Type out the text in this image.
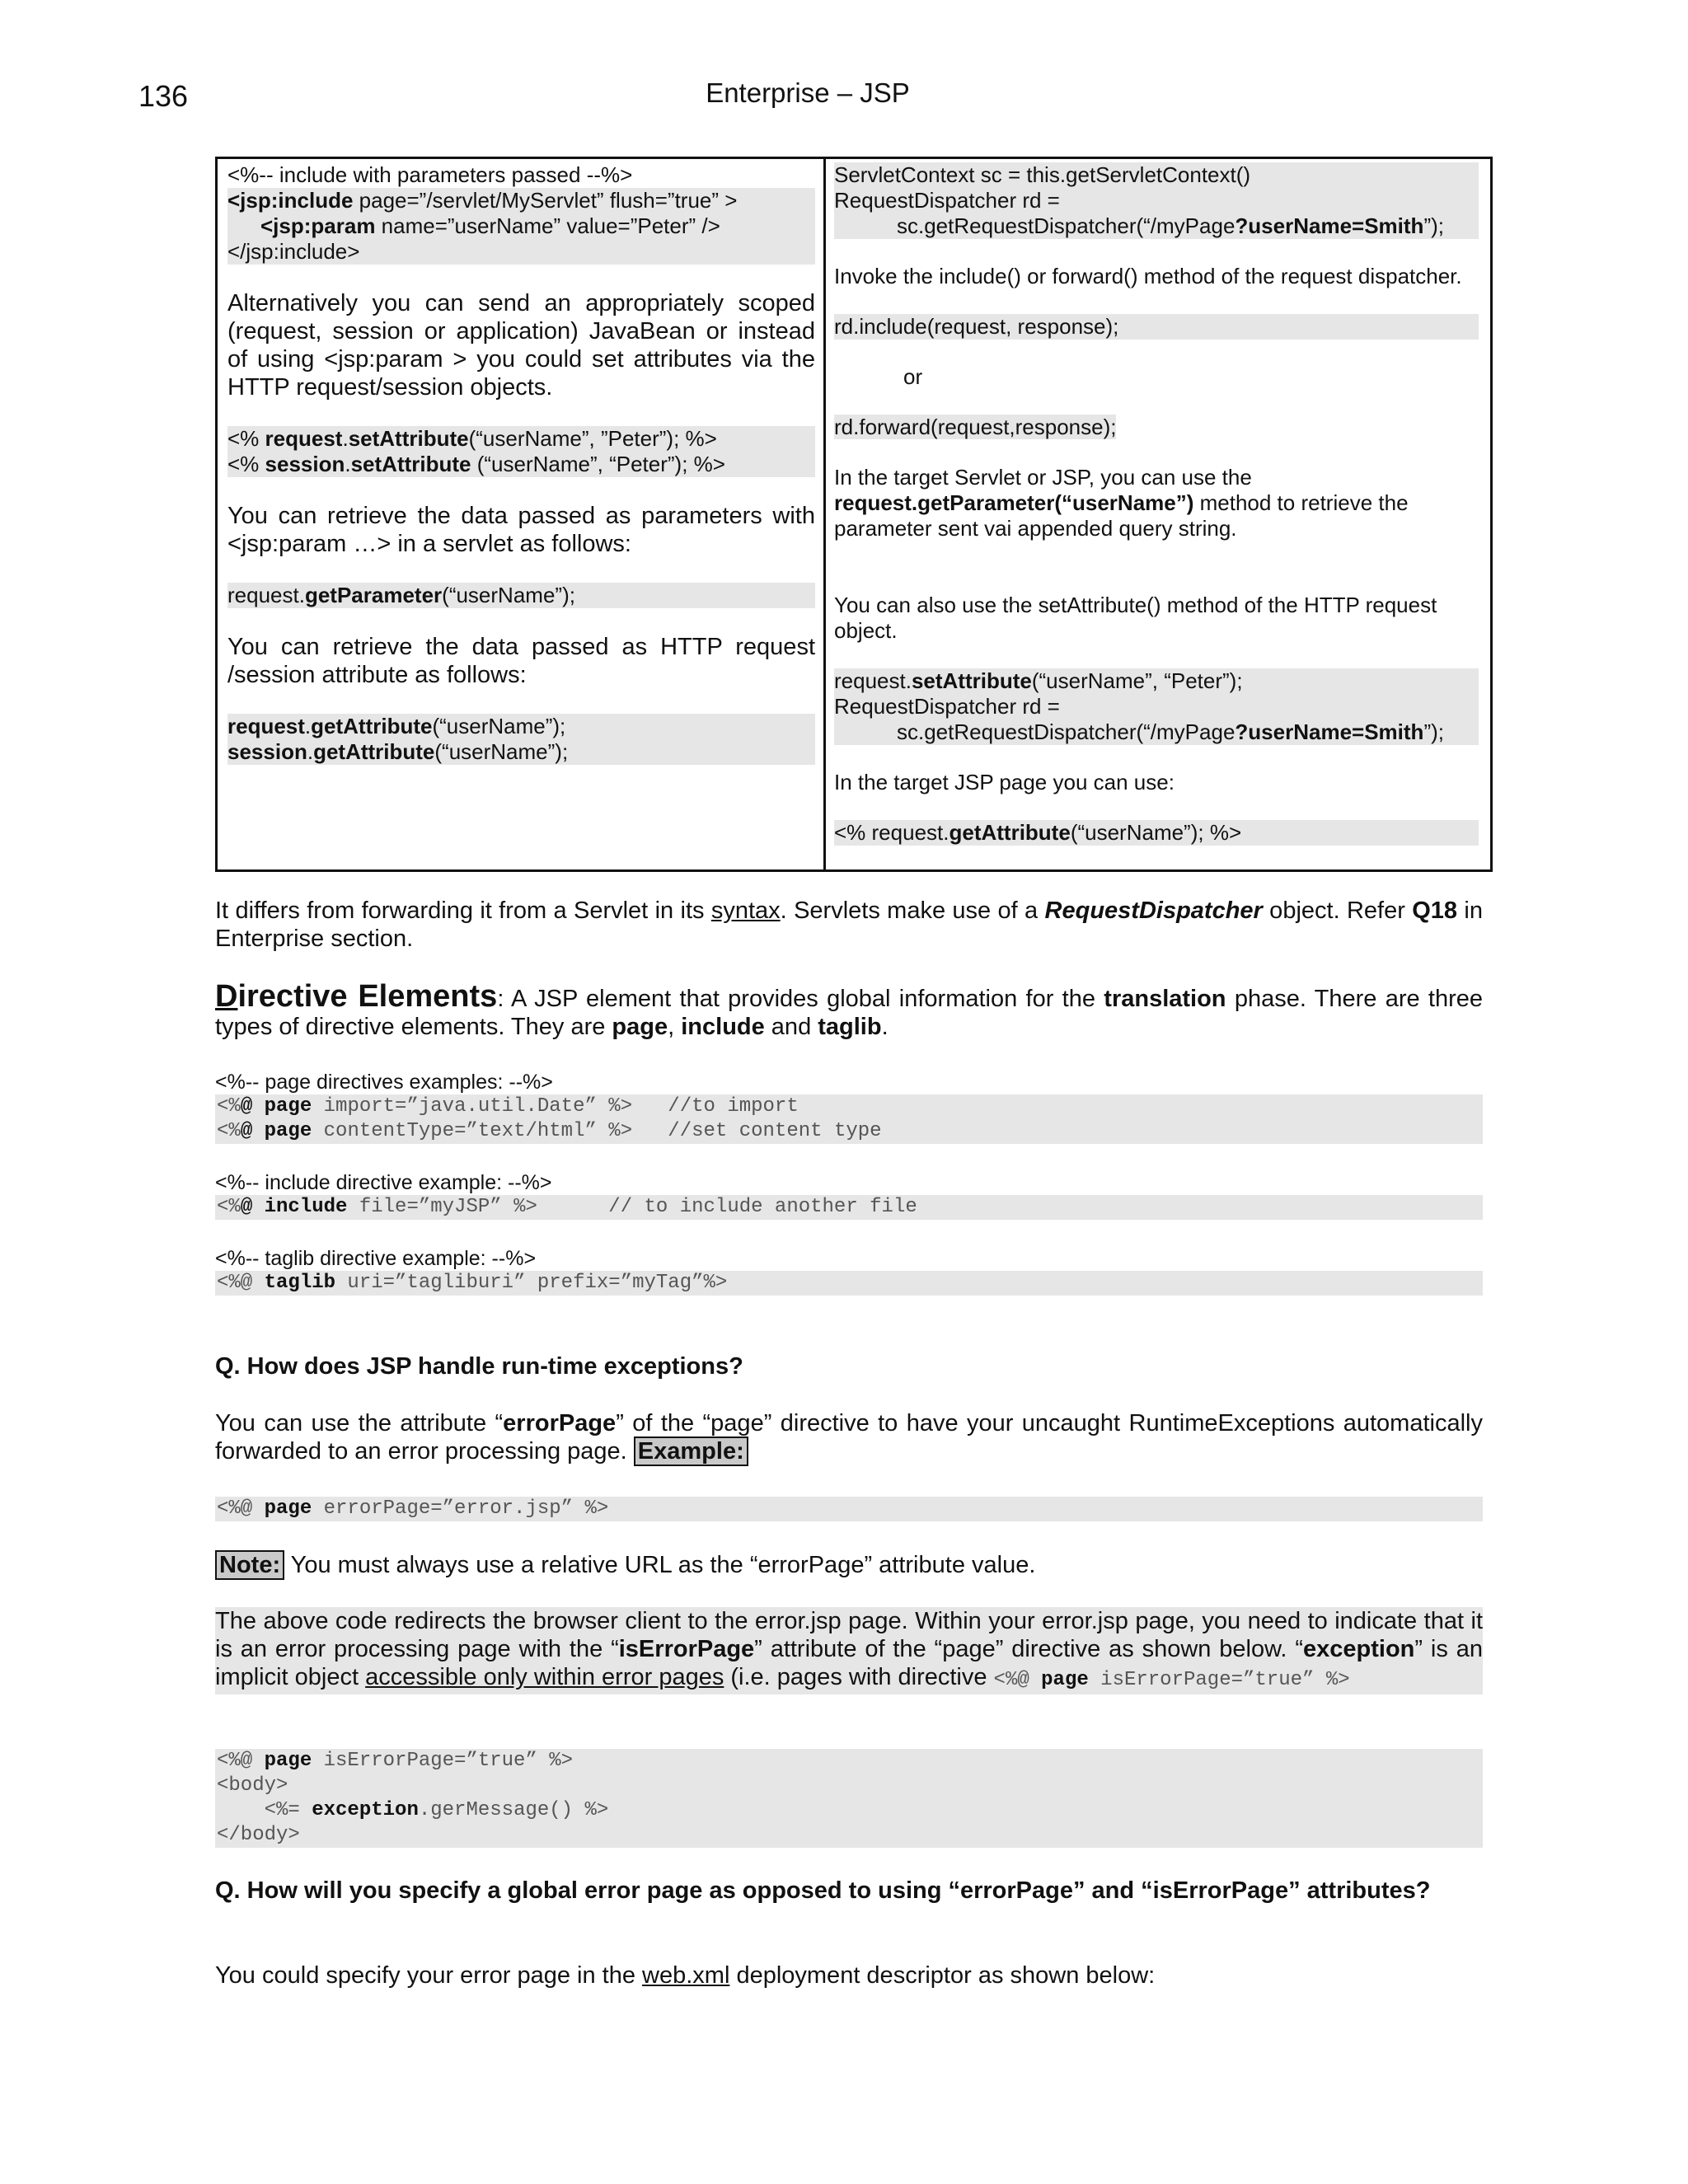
136	Enterprise – JSP
<%-- include with parameters passed --%>
<jsp:include page=”/servlet/MyServlet” flush=”true” >
<jsp:param name=”userName” value=”Peter” />
</jsp:include>

Alternatively you can send an appropriately scoped (request, session or application) JavaBean or instead of using <jsp:param > you could set attributes via the HTTP request/session objects.

<% request.setAttribute(“userName”, ”Peter”); %>
<% session.setAttribute (“userName”, “Peter”); %>

You can retrieve the data passed as parameters with <jsp:param …> in a servlet as follows:

request.getParameter(“userName”);

You can retrieve the data passed as HTTP request /session attribute as follows:

request.getAttribute(“userName”);
session.getAttribute(“userName”);
ServletContext sc = this.getServletContext()
RequestDispatcher rd =
sc.getRequestDispatcher(“/myPage?userName=Smith”);

Invoke the include() or forward() method of the request dispatcher.

rd.include(request, response);
or
rd.forward(request,response);

In the target Servlet or JSP, you can use the request.getParameter(“userName”) method to retrieve the parameter sent vai appended query string.

You can also use the setAttribute() method of the HTTP request object.

request.setAttribute(“userName”, “Peter”);
RequestDispatcher rd =
sc.getRequestDispatcher(“/myPage?userName=Smith”);

In the target JSP page you can use:

<% request.getAttribute(“userName”); %>

It differs from forwarding it from a Servlet in its syntax. Servlets make use of a RequestDispatcher object. Refer Q18 in Enterprise section.

Directive Elements: A JSP element that provides global information for the translation phase. There are three types of directive elements. They are page, include and taglib.

<%-- page directives examples: --%>
<%@ page import=”java.util.Date” %>   //to import
<%@ page contentType=”text/html” %>   //set content type
<%-- include directive example: --%>
<%@ include file=”myJSP” %>      // to include another file
<%-- taglib directive example: --%>
<%@ taglib uri=”tagliburi” prefix=”myTag”%>

Q. How does JSP handle run-time exceptions?

You can use the attribute “errorPage” of the “page” directive to have your uncaught RuntimeExceptions automatically forwarded to an error processing page. Example:

<%@ page errorPage=”error.jsp” %>

Note: You must always use a relative URL as the “errorPage” attribute value.

The above code redirects the browser client to the error.jsp page. Within your error.jsp page, you need to indicate that it is an error processing page with the “isErrorPage” attribute of the “page” directive as shown below. “exception” is an implicit object accessible only within error pages (i.e. pages with directive <%@ page isErrorPage=”true” %>

<%@ page isErrorPage=”true” %>
<body>
<%= exception.gerMessage() %>
</body>

Q. How will you specify a global error page as opposed to using “errorPage” and “isErrorPage” attributes?

You could specify your error page in the web.xml deployment descriptor as shown below:
